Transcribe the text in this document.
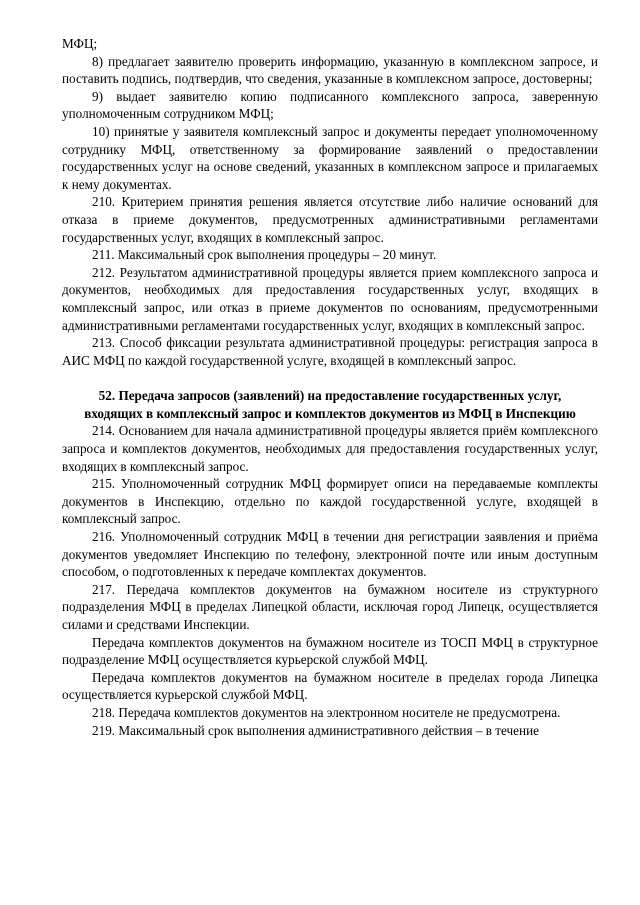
МФЦ;

8) предлагает заявителю проверить информацию, указанную в комплексном запросе, и поставить подпись, подтвердив, что сведения, указанные в комплексном запросе, достоверны;

9) выдает заявителю копию подписанного комплексного запроса, заверенную уполномоченным сотрудником МФЦ;

10) принятые у заявителя комплексный запрос и документы передает уполномоченному сотруднику МФЦ, ответственному за формирование заявлений о предоставлении государственных услуг на основе сведений, указанных в комплексном запросе и прилагаемых к нему документах.

210. Критерием принятия решения является отсутствие либо наличие оснований для отказа в приеме документов, предусмотренных административными регламентами государственных услуг, входящих в комплексный запрос.

211. Максимальный срок выполнения процедуры – 20 минут.

212. Результатом административной процедуры является прием комплексного запроса и документов, необходимых для предоставления государственных услуг, входящих в комплексный запрос, или отказ в приеме документов по основаниям, предусмотренными административными регламентами государственных услуг, входящих в комплексный запрос.

213. Способ фиксации результата административной процедуры: регистрация запроса в АИС МФЦ по каждой государственной услуге, входящей в комплексный запрос.

52. Передача запросов (заявлений) на предоставление государственных услуг, входящих в комплексный запрос и комплектов документов из МФЦ в Инспекцию

214. Основанием для начала административной процедуры является приём комплексного запроса и комплектов документов, необходимых для предоставления государственных услуг, входящих в комплексный запрос.

215. Уполномоченный сотрудник МФЦ формирует описи на передаваемые комплекты документов в Инспекцию, отдельно по каждой государственной услуге, входящей в комплексный запрос.

216. Уполномоченный сотрудник МФЦ в течении дня регистрации заявления и приёма документов уведомляет Инспекцию по телефону, электронной почте или иным доступным способом, о подготовленных к передаче комплектах документов.

217. Передача комплектов документов на бумажном носителе из структурного подразделения МФЦ в пределах Липецкой области, исключая город Липецк, осуществляется силами и средствами Инспекции.

Передача комплектов документов на бумажном носителе из ТОСП МФЦ в структурное подразделение МФЦ осуществляется курьерской службой МФЦ.

Передача комплектов документов на бумажном носителе в пределах города Липецка осуществляется курьерской службой МФЦ.

218. Передача комплектов документов на электронном носителе не предусмотрена.

219. Максимальный срок выполнения административного действия – в течение
